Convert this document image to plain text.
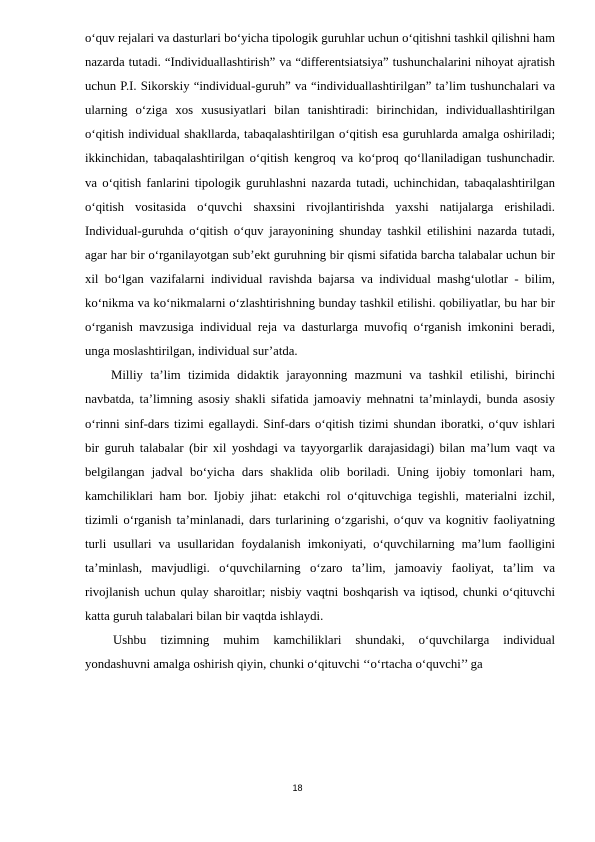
o‘quv rejalari va dasturlari bo‘yicha tipologik guruhlar uchun o‘qitishni tashkil qilishni ham nazarda tutadi. “Individuallashtirish” va “differentsiatsiya” tushunchalarini nihoyat ajratish uchun P.I. Sikorskiy “individual-guruh” va “individuallashtirilgan” ta’lim tushunchalari va ularning o‘ziga xos xususiyatlari bilan tanishtiradi: birinchidan, individuallashtirilgan o‘qitish individual shakllarda, tabaqalashtirilgan o‘qitish esa guruhlarda amalga oshiriladi; ikkinchidan, tabaqalashtirilgan o‘qitish kengroq va ko‘proq qo‘llaniladigan tushunchadir. va o‘qitish fanlarini tipologik guruhlashni nazarda tutadi, uchinchidan, tabaqalashtirilgan o‘qitish vositasida o‘quvchi shaxsini rivojlantirishda yaxshi natijalarga erishiladi. Individual-guruhda o‘qitish o‘quv jarayonining shunday tashkil etilishini nazarda tutadi, agar har bir o‘rganilayotgan sub’ekt guruhning bir qismi sifatida barcha talabalar uchun bir xil bo‘lgan vazifalarni individual ravishda bajarsa va individual mashg‘ulotlar - bilim, ko‘nikma va ko‘nikmalarni o‘zlashtirishning bunday tashkil etilishi. qobiliyatlar, bu har bir o‘rganish mavzusiga individual reja va dasturlarga muvofiq o‘rganish imkonini beradi, unga moslashtirilgan, individual sur’atda.

Milliy ta’lim tizimida didaktik jarayonning mazmuni va tashkil etilishi, birinchi navbatda, ta’limning asosiy shakli sifatida jamoaviy mehnatni ta’minlaydi, bunda asosiy o‘rinni sinf-dars tizimi egallaydi. Sinf-dars o‘qitish tizimi shundan iboratki, o‘quv ishlari bir guruh talabalar (bir xil yoshdagi va tayyorgarlik darajasidagi) bilan ma’lum vaqt va belgilangan jadval bo‘yicha dars shaklida olib boriladi. Uning ijobiy tomonlari ham, kamchiliklari ham bor. Ijobiy jihat: etakchi rol o‘qituvchiga tegishli, materialni izchil, tizimli o‘rganish ta’minlanadi, dars turlarining o‘zgarishi, o‘quv va kognitiv faoliyatning turli usullari va usullaridan foydalanish imkoniyati, o‘quvchilarning ma’lum faolligini ta’minlash, mavjudligi. o‘quvchilarning o‘zaro ta’lim, jamoaviy faoliyat, ta’lim va rivojlanish uchun qulay sharoitlar; nisbiy vaqtni boshqarish va iqtisod, chunki o‘qituvchi katta guruh talabalari bilan bir vaqtda ishlaydi.

Ushbu tizimning muhim kamchiliklari shundaki, o‘quvchilarga individual yondashuvni amalga oshirish qiyin, chunki o‘qituvchi ‘‘o‘rtacha o‘quvchi’’ ga

18
